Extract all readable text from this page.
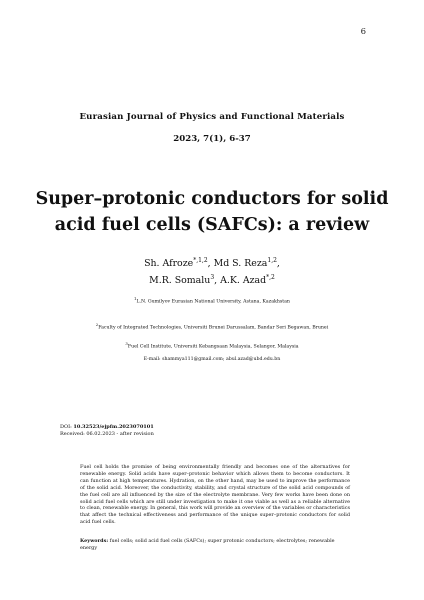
6
Eurasian Journal of Physics and Functional Materials
2023, 7(1), 6-37
Super–protonic conductors for solid
acid fuel cells (SAFCs): a review
Sh. Afroze$^{*,1,2}$, Md S. Reza$^{1,2}$,
M.R. Somalu$^3$, A.K. Azad$^{*,2}$
$^1$L.N. Gumilyov Eurasian National University, Astana, Kazakhstan
$^2$Faculty of Integrated Technologies, Universiti Brunei Darussalam, Bandar Seri Begawan, Brunei
$^3$Fuel Cell Institute, Universiti Kebangsaan Malaysia, Selangor, Malaysia
E-mail: shammya111@gmail.com; abul.azad@ubd.edu.bn
DOI: 10.32523/ejpfm.2023070101
Received: 06.02.2023 - after revision
Fuel cell holds the promise of being environmentally friendly and becomes one of the alternatives for renewable energy. Solid acids have super–protonic behavior which allows them to become conductors. It can function at high temperatures. Hydration, on the other hand, may be used to improve the performance of the solid acid. Moreover, the conductivity, stability, and crystal structure of the solid acid compounds of the fuel cell are all influenced by the size of the electrolyte membrane. Very few works have been done on solid acid fuel cells which are still under investigation to make it one viable as well as a reliable alternative to clean, renewable energy. In general, this work will provide an overview of the variables or characteristics that affect the technical effectiveness and performance of the unique super–protonic conductors for solid acid fuel cells.
Keywords: fuel cells; solid acid fuel cells (SAFCs); super protonic conductors; electrolytes; renewable energy
